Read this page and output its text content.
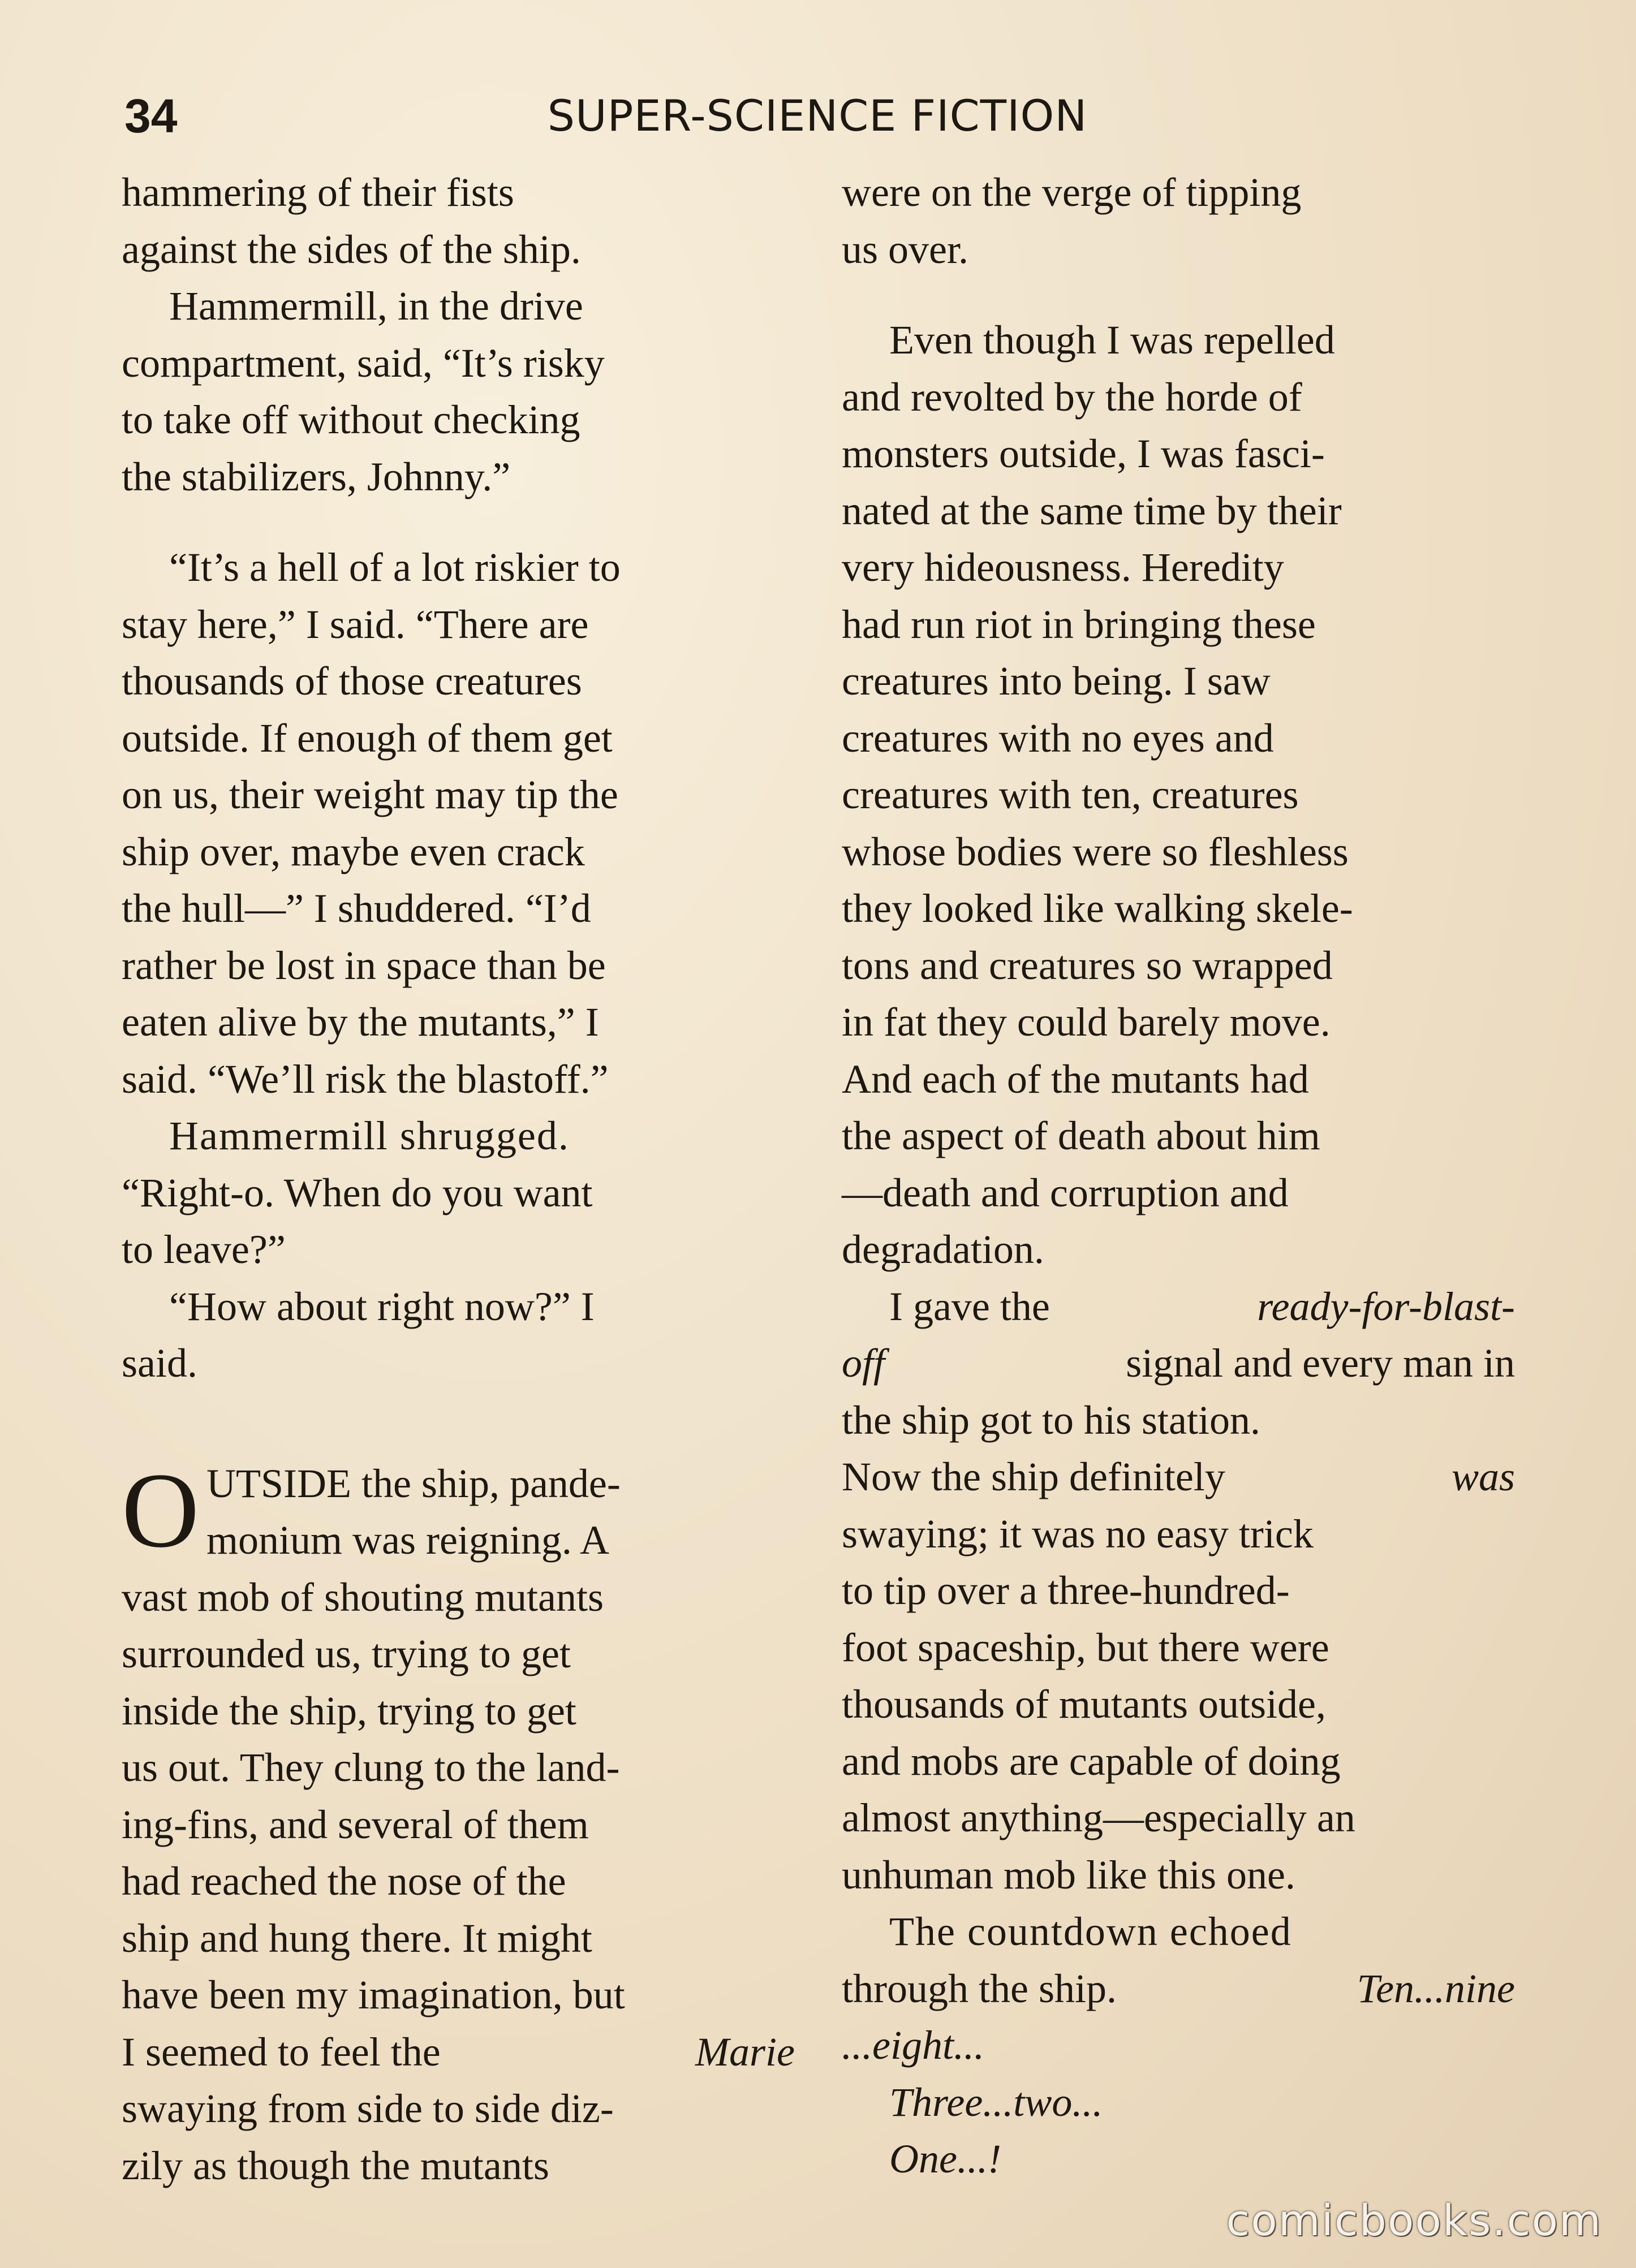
34	SUPER-SCIENCE FICTION
hammering of their fists
against the sides of the ship.
Hammermill, in the drive
compartment, said, “It’s risky
to take off without checking
the stabilizers, Johnny.”
“It’s a hell of a lot riskier to
stay here,” I said. “There are
thousands of those creatures
outside. If enough of them get
on us, their weight may tip the
ship over, maybe even crack
the hull—” I shuddered. “I’d
rather be lost in space than be
eaten alive by the mutants,” I
said. “We’ll risk the blastoff.”
Hammermill shrugged.
“Right-o. When do you want
to leave?”
“How about right now?” I
said.
O UTSIDE the ship, pande-
monium was reigning. A
vast mob of shouting mutants
surrounded us, trying to get
inside the ship, trying to get
us out. They clung to the land-
ing-fins, and several of them
had reached the nose of the
ship and hung there. It might
have been my imagination, but
I seemed to feel the	Marie
swaying from side to side diz-
zily as though the mutants
were on the verge of tipping
us over.
Even though I was repelled
and revolted by the horde of
monsters outside, I was fasci-
nated at the same time by their
very hideousness. Heredity
had run riot in bringing these
creatures into being. I saw
creatures with no eyes and
creatures with ten, creatures
whose bodies were so fleshless
they looked like walking skele-
tons and creatures so wrapped
in fat they could barely move.
And each of the mutants had
the aspect of death about him
—death and corruption and
degradation.
I gave the	ready-for-blast-
off	signal and every man in
the ship got to his station.
Now the ship definitely	was
swaying; it was no easy trick
to tip over a three-hundred-
foot spaceship, but there were
thousands of mutants outside,
and mobs are capable of doing
almost anything—especially an
unhuman mob like this one.
The countdown echoed
through the ship.	Ten...nine
...eight...
Three...two...
One...!
comicbooks.com
